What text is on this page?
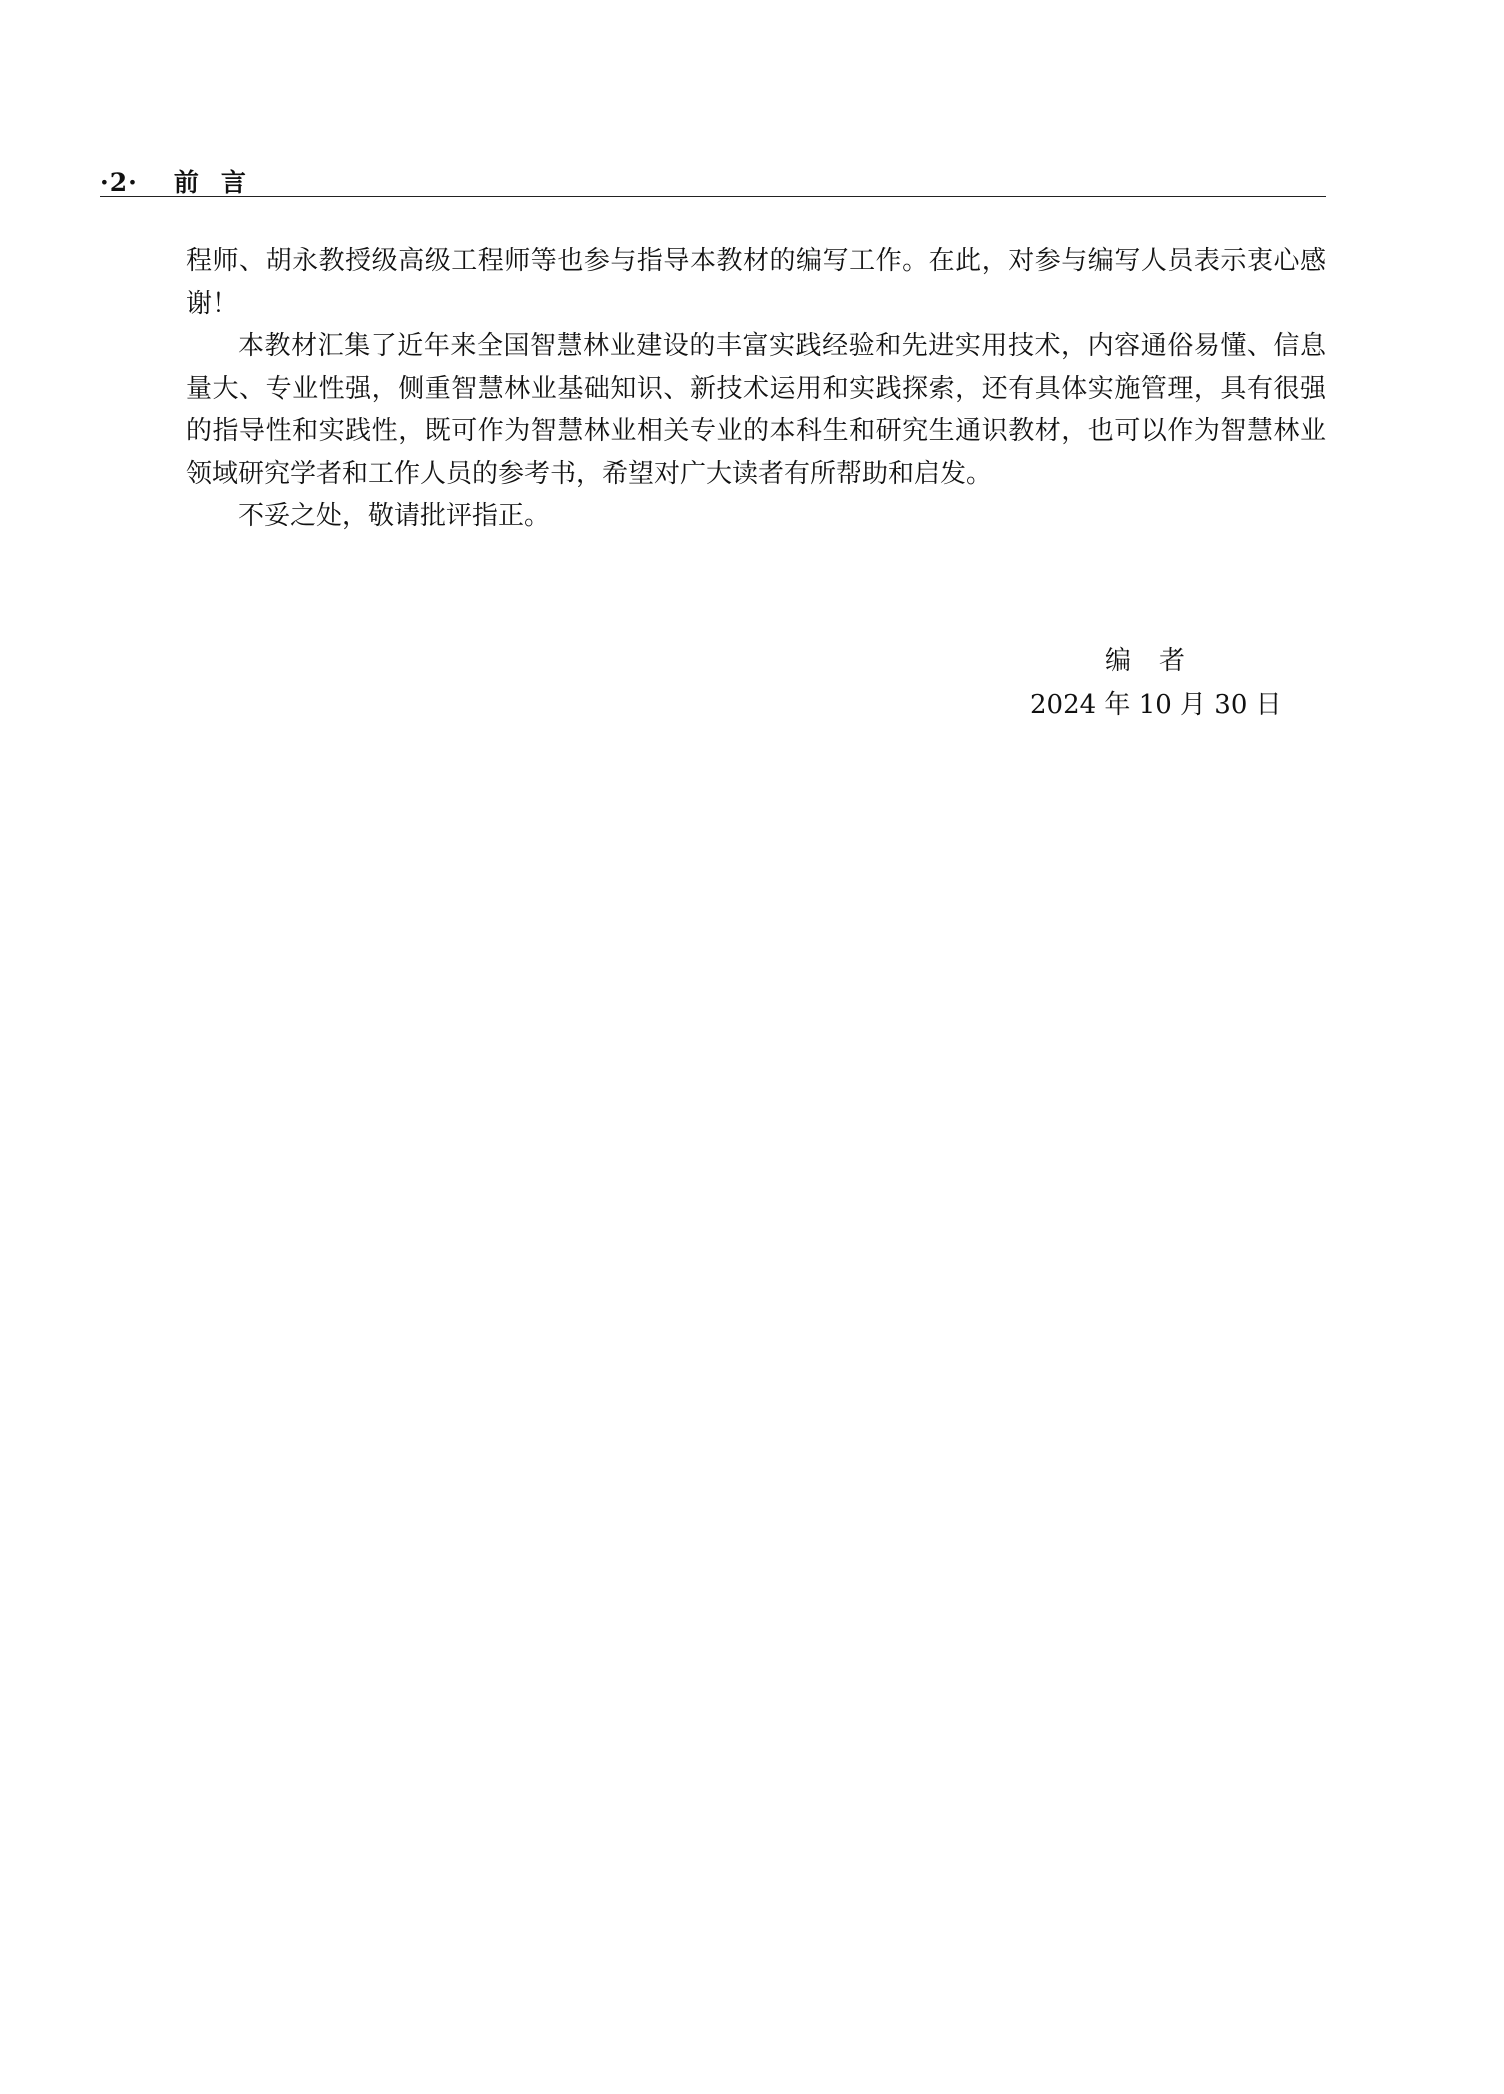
·2· 前言

程师、胡永教授级高级工程师等也参与指导本教材的编写工作。在此，对参与编写人员表示衷心感谢！

本教材汇集了近年来全国智慧林业建设的丰富实践经验和先进实用技术，内容通俗易懂、信息量大、专业性强，侧重智慧林业基础知识、新技术运用和实践探索，还有具体实施管理，具有很强的指导性和实践性，既可作为智慧林业相关专业的本科生和研究生通识教材，也可以作为智慧林业领域研究学者和工作人员的参考书，希望对广大读者有所帮助和启发。

不妥之处，敬请批评指正。

编者
2024 年 10 月 30 日
